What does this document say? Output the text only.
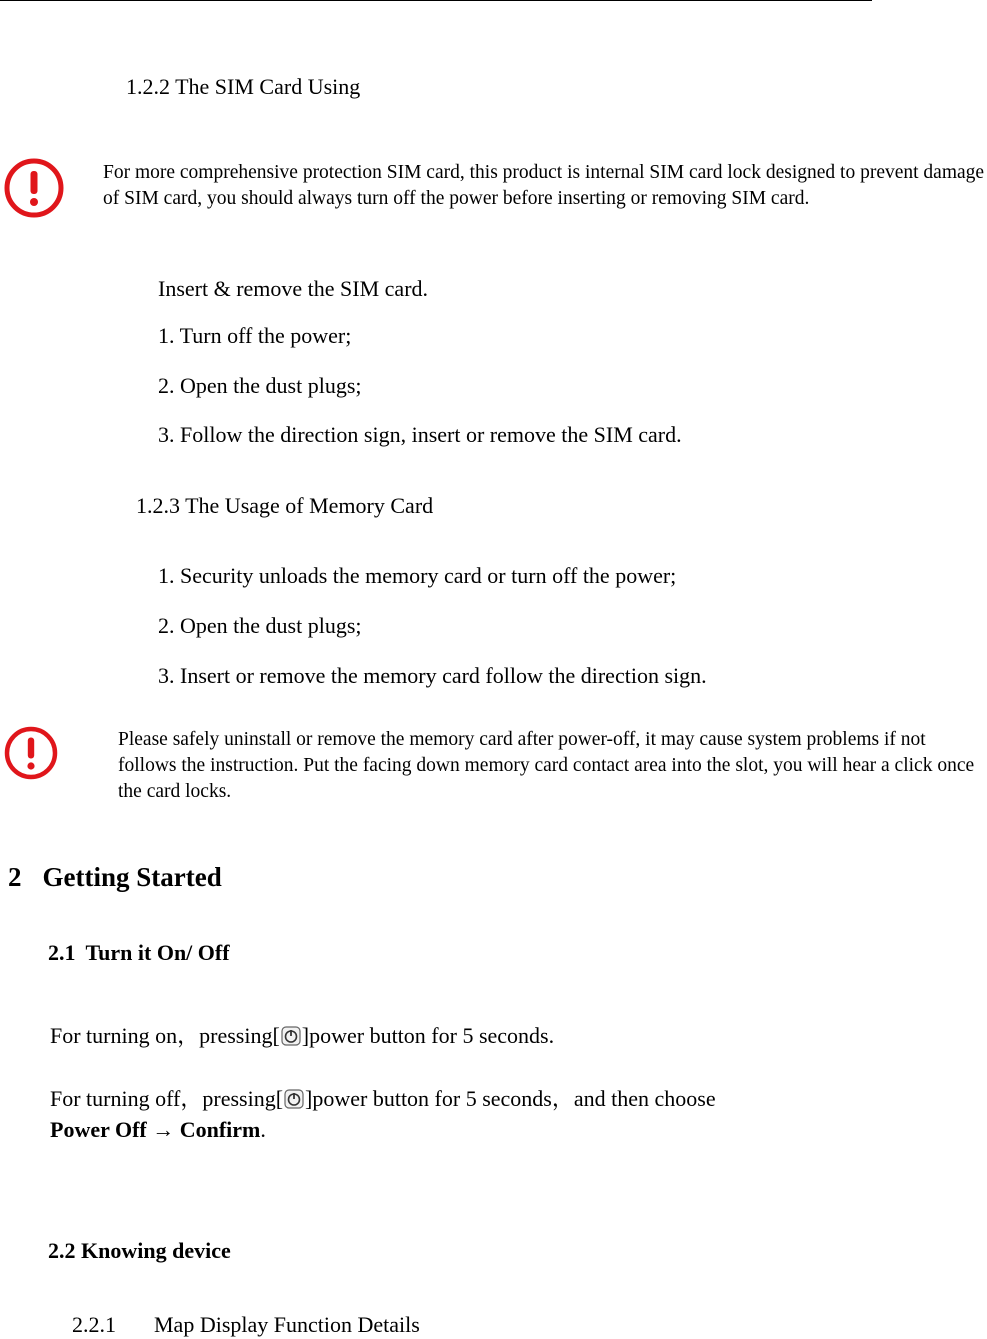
1.2.2 The SIM Card Using
For more comprehensive protection SIM card, this product is internal SIM card lock designed to prevent damage of SIM card, you should always turn off the power before inserting or removing SIM card.
Insert & remove the SIM card.
1. Turn off the power;
2. Open the dust plugs;
3. Follow the direction sign, insert or remove the SIM card.
1.2.3 The Usage of Memory Card
1. Security unloads the memory card or turn off the power;
2. Open the dust plugs;
3. Insert or remove the memory card follow the direction sign.
Please safely uninstall or remove the memory card after power-off, it may cause system problems if not follows the instruction. Put the facing down memory card contact area into the slot, you will hear a click once the card locks.
2 Getting Started
2.1 Turn it On/ Off
For turning on，pressing[ ]power button for 5 seconds.
For turning off，pressing[ ]power button for 5 seconds，and then choose
Power Off → Confirm.
2.2 Knowing device
2.2.1 Map Display Function Details
